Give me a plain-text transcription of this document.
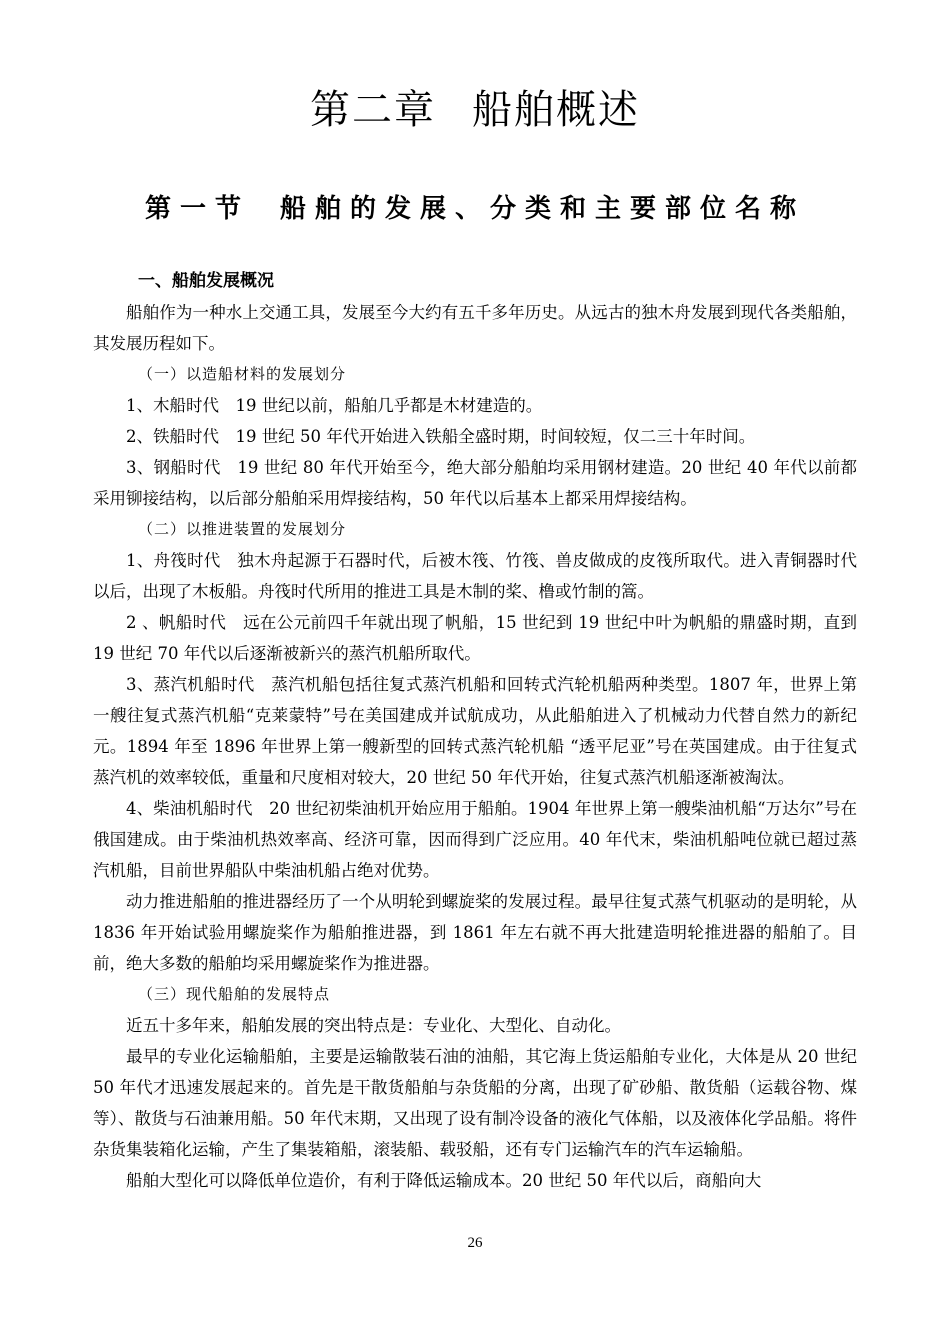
第二章 船舶概述
第一节 船舶的发展、分类和主要部位名称

一、船舶发展概况

船舶作为一种水上交通工具，发展至今大约有五千多年历史。从远古的独木舟发展到现代各类船舶，其发展历程如下。

（一）以造船材料的发展划分

1、木船时代　19 世纪以前，船舶几乎都是木材建造的。

2、铁船时代　19 世纪 50 年代开始进入铁船全盛时期，时间较短，仅二三十年时间。

3、钢船时代　19 世纪 80 年代开始至今，绝大部分船舶均采用钢材建造。20 世纪 40 年代以前都采用铆接结构，以后部分船舶采用焊接结构，50 年代以后基本上都采用焊接结构。

（二）以推进装置的发展划分

1、舟筏时代　独木舟起源于石器时代，后被木筏、竹筏、兽皮做成的皮筏所取代。进入青铜器时代以后，出现了木板船。舟筏时代所用的推进工具是木制的桨、橹或竹制的篙。

2 、帆船时代　远在公元前四千年就出现了帆船，15 世纪到 19 世纪中叶为帆船的鼎盛时期，直到 19 世纪 70 年代以后逐渐被新兴的蒸汽机船所取代。

3、蒸汽机船时代　蒸汽机船包括往复式蒸汽机船和回转式汽轮机船两种类型。1807 年，世界上第一艘往复式蒸汽机船“克莱蒙特”号在美国建成并试航成功，从此船舶进入了机械动力代替自然力的新纪元。1894 年至 1896 年世界上第一艘新型的回转式蒸汽轮机船 “透平尼亚”号在英国建成。由于往复式蒸汽机的效率较低，重量和尺度相对较大，20 世纪 50 年代开始，往复式蒸汽机船逐渐被淘汰。

4、柴油机船时代　20 世纪初柴油机开始应用于船舶。1904 年世界上第一艘柴油机船“万达尔”号在俄国建成。由于柴油机热效率高、经济可靠，因而得到广泛应用。40 年代末，柴油机船吨位就已超过蒸汽机船，目前世界船队中柴油机船占绝对优势。

动力推进船舶的推进器经历了一个从明轮到螺旋桨的发展过程。最早往复式蒸气机驱动的是明轮，从 1836 年开始试验用螺旋桨作为船舶推进器，到 1861 年左右就不再大批建造明轮推进器的船舶了。目前，绝大多数的船舶均采用螺旋桨作为推进器。

（三）现代船舶的发展特点

近五十多年来，船舶发展的突出特点是：专业化、大型化、自动化。

最早的专业化运输船舶，主要是运输散装石油的油船，其它海上货运船舶专业化，大体是从 20 世纪 50 年代才迅速发展起来的。首先是干散货船舶与杂货船的分离，出现了矿砂船、散货船（运载谷物、煤等）、散货与石油兼用船。50 年代末期，又出现了设有制冷设备的液化气体船，以及液体化学品船。将件杂货集装箱化运输，产生了集装箱船，滚装船、载驳船，还有专门运输汽车的汽车运输船。

船舶大型化可以降低单位造价，有利于降低运输成本。20 世纪 50 年代以后，商船向大

26
